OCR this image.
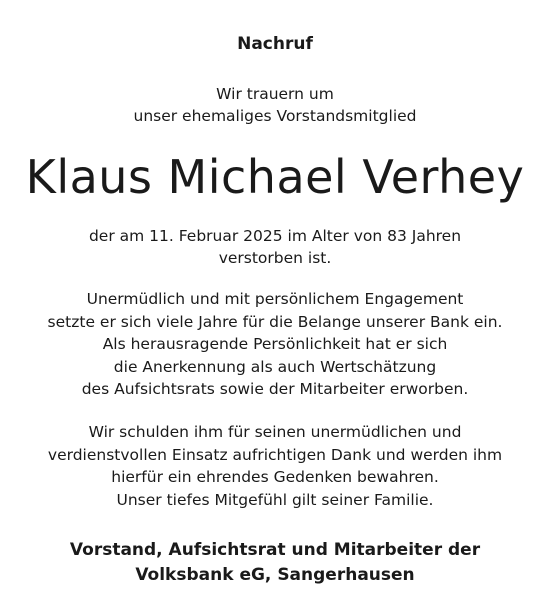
Nachruf
Wir trauern um
unser ehemaliges Vorstandsmitglied
Klaus Michael Verhey
der am 11. Februar 2025 im Alter von 83 Jahren
verstorben ist.
Unermüdlich und mit persönlichem Engagement
setzte er sich viele Jahre für die Belange unserer Bank ein.
Als herausragende Persönlichkeit hat er sich
die Anerkennung als auch Wertschätzung
des Aufsichtsrats sowie der Mitarbeiter erworben.
Wir schulden ihm für seinen unermüdlichen und
verdienstvollen Einsatz aufrichtigen Dank und werden ihm
hierfür ein ehrendes Gedenken bewahren.
Unser tiefes Mitgefühl gilt seiner Familie.
Vorstand, Aufsichtsrat und Mitarbeiter der
Volksbank eG, Sangerhausen
